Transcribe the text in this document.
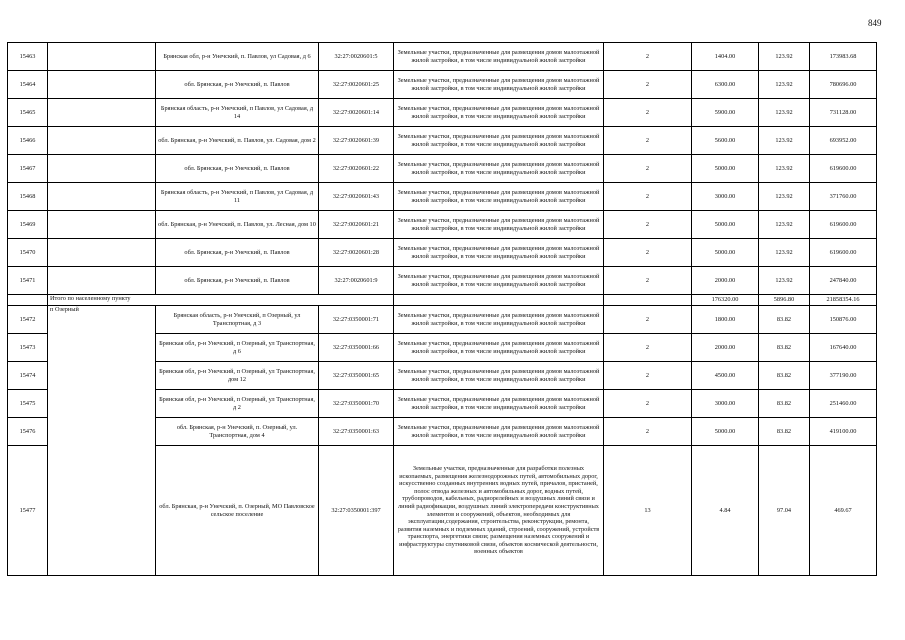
849
15463		Брянская обл, р-н Унечский, п. Павлов, ул Садовая, д 6	32:27:0020601:5	Земельные участки, предназначенные для размещения домов малоэтажной жилой застройки, в том числе индивидуальной жилой застройки	2	1404.00	123.92	173983.68
15464		обл. Брянская, р-н Унечский, п. Павлов	32:27:0020601:25	Земельные участки, предназначенные для размещения домов малоэтажной жилой застройки, в том числе индивидуальной жилой застройки	2	6300.00	123.92	780696.00
15465		Брянская область, р-н Унечский, п Павлов, ул Садовая, д 14	32:27:0020601:14	Земельные участки, предназначенные для размещения домов малоэтажной жилой застройки, в том числе индивидуальной жилой застройки	2	5900.00	123.92	731128.00
15466		обл. Брянская, р-н Унечский, п. Павлов, ул. Садовая, дом 2	32:27:0020601:39	Земельные участки, предназначенные для размещения домов малоэтажной жилой застройки, в том числе индивидуальной жилой застройки	2	5600.00	123.92	693952.00
15467		обл. Брянская, р-н Унечский, п. Павлов	32:27:0020601:22	Земельные участки, предназначенные для размещения домов малоэтажной жилой застройки, в том числе индивидуальной жилой застройки	2	5000.00	123.92	619600.00
15468		Брянская область, р-н Унечский, п Павлов, ул Садовая, д 11	32:27:0020601:43	Земельные участки, предназначенные для размещения домов малоэтажной жилой застройки, в том числе индивидуальной жилой застройки	2	3000.00	123.92	371760.00
15469		обл. Брянская, р-н Унечский, п. Павлов, ул. Лесная, дом 10	32:27:0020601:21	Земельные участки, предназначенные для размещения домов малоэтажной жилой застройки, в том числе индивидуальной жилой застройки	2	5000.00	123.92	619600.00
15470		обл. Брянская, р-н Унечский, п. Павлов	32:27:0020601:28	Земельные участки, предназначенные для размещения домов малоэтажной жилой застройки, в том числе индивидуальной жилой застройки	2	5000.00	123.92	619600.00
15471		обл. Брянская, р-н Унечский, п. Павлов	32:27:0020601:9	Земельные участки, предназначенные для размещения домов малоэтажной жилой застройки, в том числе индивидуальной жилой застройки	2	2000.00	123.92	247840.00
	Итого по населенному пункту					176320.00	5896.80	21858354.16
15472	п Озерный	Брянская область, р-н Унечский, п Озерный, ул Транспортная, д 3	32:27:0350001:71	Земельные участки, предназначенные для размещения домов малоэтажной жилой застройки, в том числе индивидуальной жилой застройки	2	1800.00	83.82	150876.00
15473		Брянская обл, р-н Унечский, п Озерный, ул Транспортная, д 6	32:27:0350001:66	Земельные участки, предназначенные для размещения домов малоэтажной жилой застройки, в том числе индивидуальной жилой застройки	2	2000.00	83.82	167640.00
15474		Брянская обл, р-н Унечский, п Озерный, ул Транспортная, дом 12	32:27:0350001:65	Земельные участки, предназначенные для размещения домов малоэтажной жилой застройки, в том числе индивидуальной жилой застройки	2	4500.00	83.82	377190.00
15475		Брянская обл, р-н Унечский, п Озерный, ул Транспортная, д 2	32:27:0350001:70	Земельные участки, предназначенные для размещения домов малоэтажной жилой застройки, в том числе индивидуальной жилой застройки	2	3000.00	83.82	251460.00
15476		обл. Брянская, р-н Унечский, п. Озерный, ул. Транспортная, дом 4	32:27:0350001:63	Земельные участки, предназначенные для размещения домов малоэтажной жилой застройки, в том числе индивидуальной жилой застройки	2	5000.00	83.82	419100.00
15477		обл. Брянская, р-н Унечский, п. Озерный, МО Павловское сельское поселение	32:27:0350001:397	Земельные участки, предназначенные для разработки полезных ископаемых, размещения железнодорожных путей, автомобильных дорог, искусственно созданных внутренних водных путей, причалов, пристаней, полос отвода железных и автомобильных дорог, водных путей, трубопроводов, кабельных, радиорелейных и воздушных линий связи и линий радиофикации, воздушных линий электропередачи конструктивных элементов и сооружений, объектов, необходимых для эксплуатации,содержания, строительства, реконструкции, ремонта, развития наземных и подземных зданий, строений, сооружений, устройств транспорта, энергетики связи; размещения наземных сооружений и инфраструктуры спутниковой связи, объектов космической деятельности, военных объектов	13	4.84	97.04	469.67
